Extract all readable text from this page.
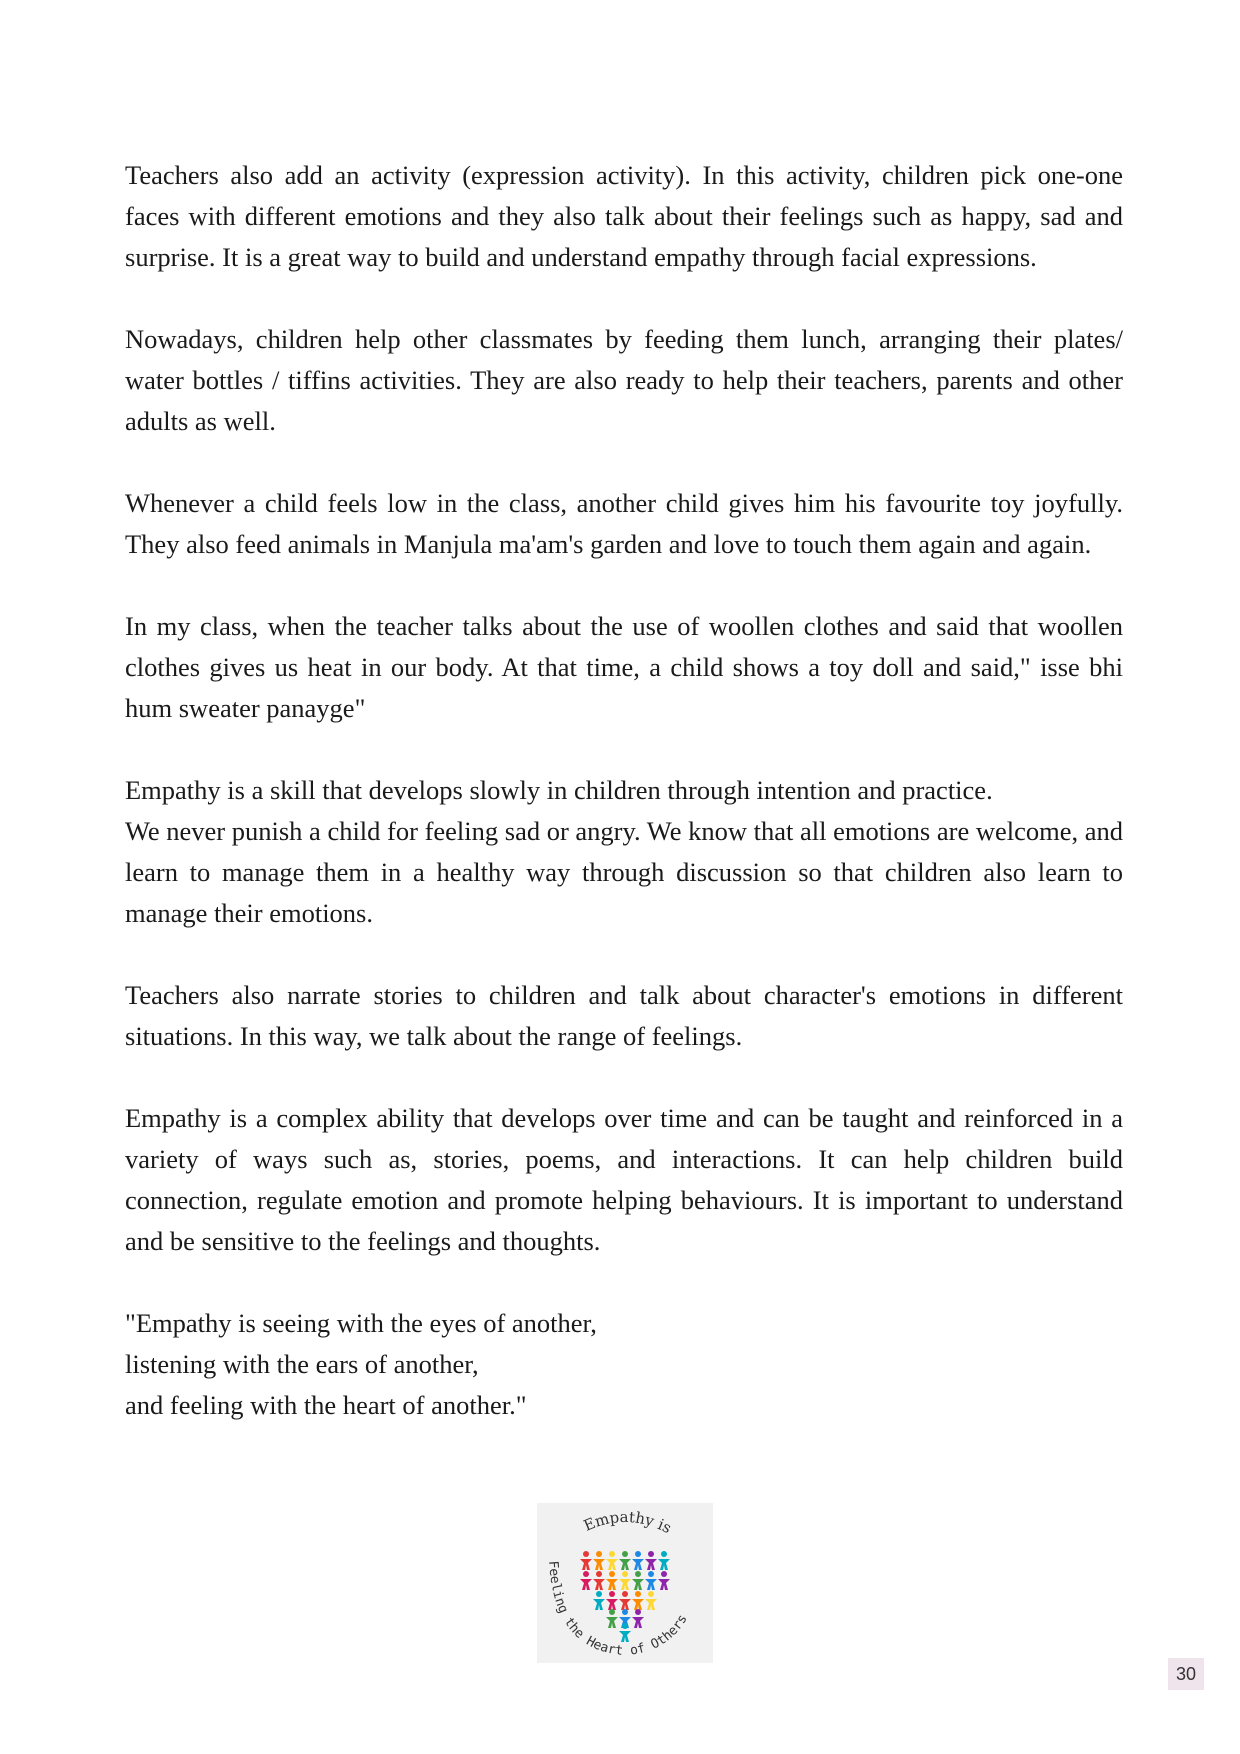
Teachers also add an activity (expression activity). In this activity, children pick one-one faces with different emotions and they also talk about their feelings such as happy, sad and surprise. It is a great way to build and understand empathy through facial expressions.

Nowadays, children help other classmates by feeding them lunch, arranging their plates/ water bottles / tiffins activities. They are also ready to help their teachers, parents and other adults as well.

Whenever a child feels low in the class, another child gives him his favourite toy joyfully. They also feed animals in Manjula ma'am's garden and love to touch them again and again.

In my class, when the teacher talks about the use of woollen clothes and said that woollen clothes gives us heat in our body. At that time, a child shows a toy doll and said," isse bhi hum sweater panayge"

Empathy is a skill that develops slowly in children through intention and practice.
We never punish a child for feeling sad or angry. We know that all emotions are welcome, and learn to manage them in a healthy way through discussion so that children also learn to manage their emotions.

Teachers also narrate stories to children and talk about character's emotions in different situations. In this way, we talk about the range of feelings.

Empathy is a complex ability that develops over time and can be taught and reinforced in a variety of ways such as, stories, poems, and interactions. It can help children build connection, regulate emotion and promote helping behaviours. It is important to understand and be sensitive to the feelings and thoughts.

"Empathy is seeing with the eyes of another,
listening with the ears of another,
and feeling with the heart of another."
Empathy is
Feeling the Heart of Others
30
